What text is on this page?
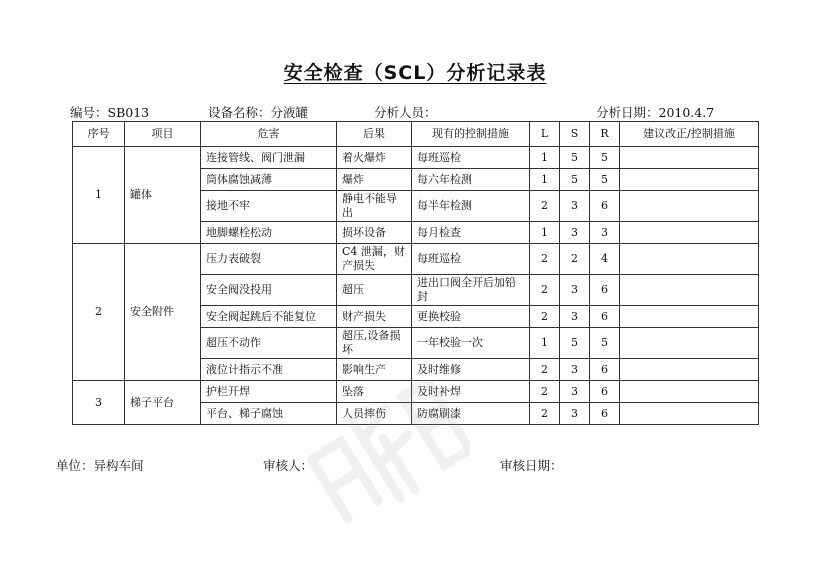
安全检查（SCL）分析记录表
编号：SB013	设备名称：分液罐	分析人员：	分析日期：2010.4.7
序号	项目	危害	后果	现有的控制措施	L	S	R	建议改正/控制措施
1	罐体	连接管线、阀门泄漏	着火爆炸	每班巡检	1	5	5	
		筒体腐蚀减薄	爆炸	每六年检测	1	5	5	
		接地不牢	静电不能导出	每半年检测	2	3	6	
		地脚螺栓松动	损坏设备	每月检查	1	3	3	
2	安全附件	压力表破裂	C4 泄漏，财产损失	每班巡检	2	2	4	
		安全阀没投用	超压	进出口阀全开后加铅封	2	3	6	
		安全阀起跳后不能复位	财产损失	更换校验	2	3	6	
		超压不动作	超压,设备损坏	一年校验一次	1	5	5	
		液位计指示不准	影响生产	及时维修	2	3	6	
3	梯子平台	护栏开焊	坠落	及时补焊	2	3	6	
		平台、梯子腐蚀	人员摔伤	防腐刷漆	2	3	6	
单位：异构车间	审核人：	审核日期：
